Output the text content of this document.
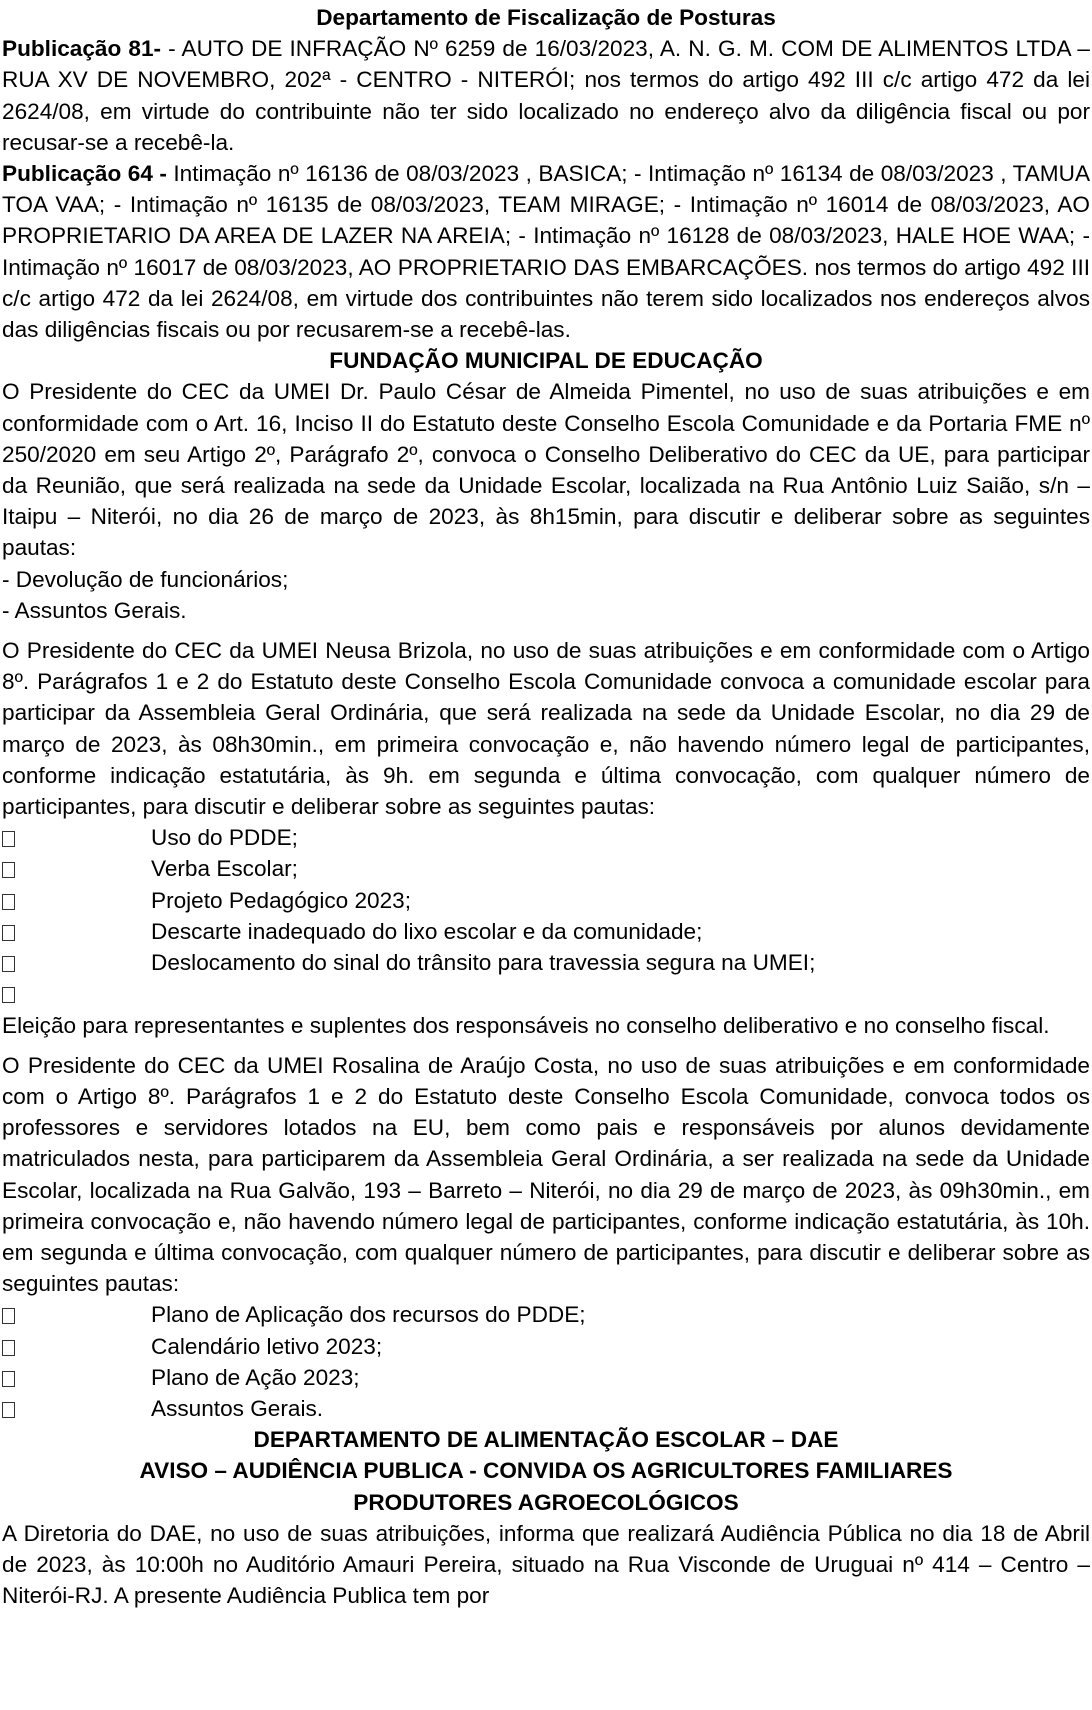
Departamento de Fiscalização de Posturas

Publicação 81- - AUTO DE INFRAÇÃO Nº 6259 de 16/03/2023, A. N. G. M. COM DE ALIMENTOS LTDA – RUA XV DE NOVEMBRO, 202ª - CENTRO - NITERÓI; nos termos do artigo 492 III c/c artigo 472 da lei 2624/08, em virtude do contribuinte não ter sido localizado no endereço alvo da diligência fiscal ou por recusar-se a recebê-la.

Publicação 64 - Intimação nº 16136 de 08/03/2023 , BASICA; - Intimação nº 16134 de 08/03/2023 , TAMUA TOA VAA; - Intimação nº 16135 de 08/03/2023, TEAM MIRAGE; - Intimação nº 16014 de 08/03/2023, AO PROPRIETARIO DA AREA DE LAZER NA AREIA; - Intimação nº 16128 de 08/03/2023, HALE HOE WAA; - Intimação nº 16017 de 08/03/2023, AO PROPRIETARIO DAS EMBARCAÇÕES. nos termos do artigo 492 III c/c artigo 472 da lei 2624/08, em virtude dos contribuintes não terem sido localizados nos endereços alvos das diligências fiscais ou por recusarem-se a recebê-las.

FUNDAÇÃO MUNICIPAL DE EDUCAÇÃO

O Presidente do CEC da UMEI Dr. Paulo César de Almeida Pimentel, no uso de suas atribuições e em conformidade com o Art. 16, Inciso II do Estatuto deste Conselho Escola Comunidade e da Portaria FME nº 250/2020 em seu Artigo 2º, Parágrafo 2º, convoca o Conselho Deliberativo do CEC da UE, para participar da Reunião, que será realizada na sede da Unidade Escolar, localizada na Rua Antônio Luiz Saião, s/n – Itaipu – Niterói, no dia 26 de março de 2023, às 8h15min, para discutir e deliberar sobre as seguintes pautas:

- Devolução de funcionários;

- Assuntos Gerais.

O Presidente do CEC da UMEI Neusa Brizola, no uso de suas atribuições e em conformidade com o Artigo 8º. Parágrafos 1 e 2 do Estatuto deste Conselho Escola Comunidade convoca a comunidade escolar para participar da Assembleia Geral Ordinária, que será realizada na sede da Unidade Escolar, no dia 29 de março de 2023, às 08h30min., em primeira convocação e, não havendo número legal de participantes, conforme indicação estatutária, às 9h. em segunda e última convocação, com qualquer número de participantes, para discutir e deliberar sobre as seguintes pautas:

Uso do PDDE;
Verba Escolar;
Projeto Pedagógico 2023;
Descarte inadequado do lixo escolar e da comunidade;
Deslocamento do sinal do trânsito para travessia segura na UMEI;
Eleição para representantes e suplentes dos responsáveis no conselho deliberativo e no conselho fiscal.

O Presidente do CEC da UMEI Rosalina de Araújo Costa, no uso de suas atribuições e em conformidade com o Artigo 8º. Parágrafos 1 e 2 do Estatuto deste Conselho Escola Comunidade, convoca todos os professores e servidores lotados na EU, bem como pais e responsáveis por alunos devidamente matriculados nesta, para participarem da Assembleia Geral Ordinária, a ser realizada na sede da Unidade Escolar, localizada na Rua Galvão, 193 – Barreto – Niterói, no dia 29 de março de 2023, às 09h30min., em primeira convocação e, não havendo número legal de participantes, conforme indicação estatutária, às 10h. em segunda e última convocação, com qualquer número de participantes, para discutir e deliberar sobre as seguintes pautas:

Plano de Aplicação dos recursos do PDDE;
Calendário letivo 2023;
Plano de Ação 2023;
Assuntos Gerais.

DEPARTAMENTO DE ALIMENTAÇÃO ESCOLAR – DAE

AVISO – AUDIÊNCIA PUBLICA - CONVIDA OS AGRICULTORES FAMILIARES

PRODUTORES AGROECOLÓGICOS

A Diretoria do DAE, no uso de suas atribuições, informa que realizará Audiência Pública no dia 18 de Abril de 2023, às 10:00h no Auditório Amauri Pereira, situado na Rua Visconde de Uruguai nº 414 – Centro – Niterói-RJ. A presente Audiência Publica tem por
